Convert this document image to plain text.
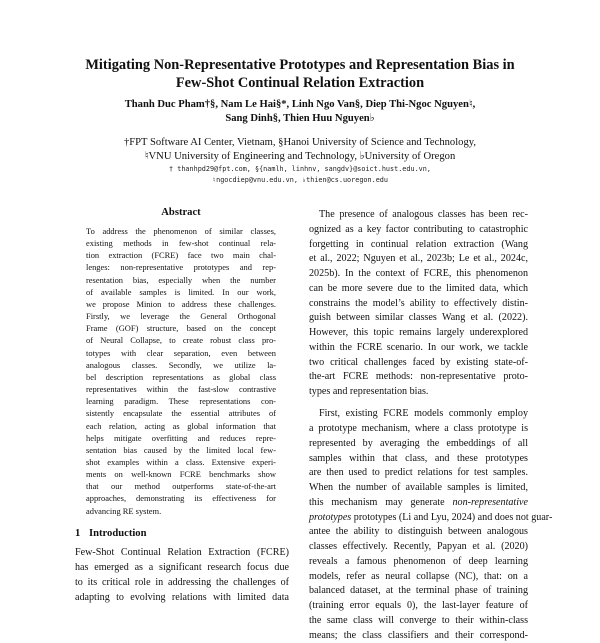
Mitigating Non-Representative Prototypes and Representation Bias in
Few-Shot Continual Relation Extraction
Thanh Duc Pham†§, Nam Le Hai§*, Linh Ngo Van§, Diep Thi-Ngoc Nguyen♮,
Sang Dinh§, Thien Huu Nguyen♭
†FPT Software AI Center, Vietnam, §Hanoi University of Science and Technology,
♮VNU University of Engineering and Technology, ♭University of Oregon
† thanhpd29@fpt.com, §{namlh, linhnv, sangdv}@soict.hust.edu.vn,
♮ngocdiep@vnu.edu.vn, ♭thien@cs.uoregon.edu
Abstract
To address the phenomenon of similar classes,
existing methods in few-shot continual rela-
tion extraction (FCRE) face two main chal-
lenges: non-representative prototypes and rep-
resentation bias, especially when the number
of available samples is limited. In our work,
we propose Minion to address these challenges.
Firstly, we leverage the General Orthogonal
Frame (GOF) structure, based on the concept
of Neural Collapse, to create robust class pro-
totypes with clear separation, even between
analogous classes. Secondly, we utilize la-
bel description representations as global class
representatives within the fast-slow contrastive
learning paradigm. These representations con-
sistently encapsulate the essential attributes of
each relation, acting as global information that
helps mitigate overfitting and reduces repre-
sentation bias caused by the limited local few-
shot examples within a class. Extensive experi-
ments on well-known FCRE benchmarks show
that our method outperforms state-of-the-art
approaches, demonstrating its effectiveness for
advancing RE system.
1 Introduction
Few-Shot Continual Relation Extraction (FCRE)
has emerged as a significant research focus due
to its critical role in addressing the challenges of
adapting to evolving relations with limited data
The presence of analogous classes has been rec-
ognized as a key factor contributing to catastrophic
forgetting in continual relation extraction (Wang
et al., 2022; Nguyen et al., 2023b; Le et al., 2024c,
2025b). In the context of FCRE, this phenomenon
can be more severe due to the limited data, which
constrains the model’s ability to effectively distin-
guish between similar classes Wang et al. (2022).
However, this topic remains largely underexplored
within the FCRE scenario. In our work, we tackle
two critical challenges faced by existing state-of-
the-art FCRE methods: non-representative proto-
types and representation bias.
First, existing FCRE models commonly employ
a prototype mechanism, where a class prototype is
represented by averaging the embeddings of all
samples within that class, and these prototypes
are then used to predict relations for test samples.
When the number of available samples is limited,
this mechanism may generate non-representative
prototypes prototypes (Li and Lyu, 2024) and does not guar-
antee the ability to distinguish between analogous
classes effectively. Recently, Papyan et al. (2020)
reveals a famous phenomenon of deep learning
models, refer as neural collapse (NC), that: on a
balanced dataset, at the terminal phase of training
(training error equals 0), the last-layer feature of
the same class will converge to their within-class
means; the class classifiers and their correspond-
